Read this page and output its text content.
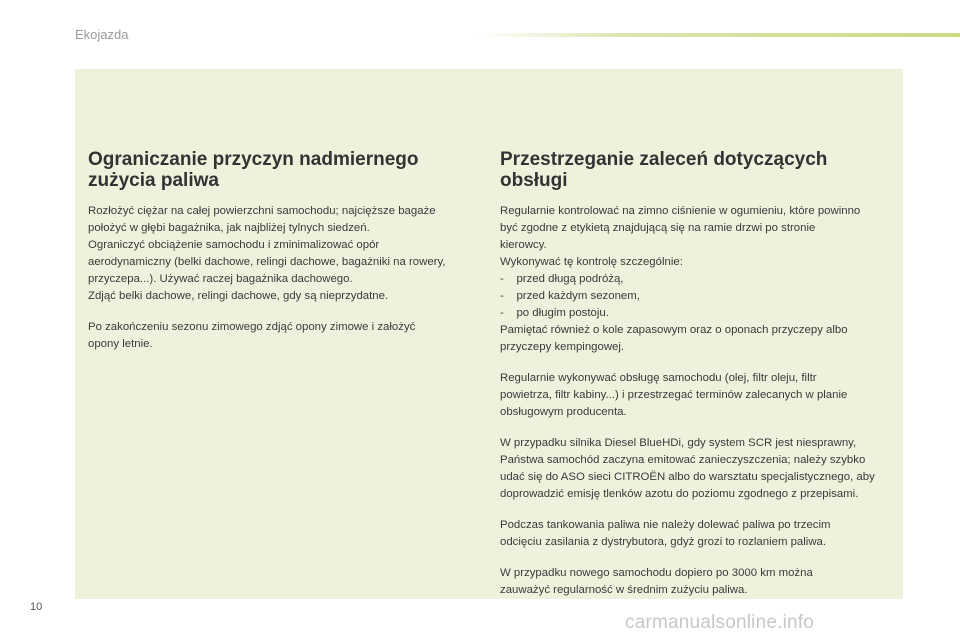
Ekojazda
Ograniczanie przyczyn nadmiernego
zużycia paliwa

Rozłożyć ciężar na całej powierzchni samochodu; najcięższe bagaże
położyć w głębi bagażnika, jak najbliżej tylnych siedzeń.
Ograniczyć obciążenie samochodu i zminimalizować opór
aerodynamiczny (belki dachowe, relingi dachowe, bagażniki na rowery,
przyczepa...). Używać raczej bagażnika dachowego.
Zdjąć belki dachowe, relingi dachowe, gdy są nieprzydatne.

Po zakończeniu sezonu zimowego zdjąć opony zimowe i założyć
opony letnie.

Przestrzeganie zaleceń dotyczących
obsługi

Regularnie kontrolować na zimno ciśnienie w ogumieniu, które powinno
być zgodne z etykietą znajdującą się na ramie drzwi po stronie
kierowcy.
Wykonywać tę kontrolę szczególnie:
-    przed długą podróżą,
-    przed każdym sezonem,
-    po długim postoju.
Pamiętać również o kole zapasowym oraz o oponach przyczepy albo
przyczepy kempingowej.

Regularnie wykonywać obsługę samochodu (olej, filtr oleju, filtr
powietrza, filtr kabiny...) i przestrzegać terminów zalecanych w planie
obsługowym producenta.

W przypadku silnika Diesel BlueHDi, gdy system SCR jest niesprawny,
Państwa samochód zaczyna emitować zanieczyszczenia; należy szybko
udać się do ASO sieci CITROËN albo do warsztatu specjalistycznego, aby
doprowadzić emisję tlenków azotu do poziomu zgodnego z przepisami.

Podczas tankowania paliwa nie należy dolewać paliwa po trzecim
odcięciu zasilania z dystrybutora, gdyż grozi to rozlaniem paliwa.

W przypadku nowego samochodu dopiero po 3000 km można
zauważyć regularność w średnim zużyciu paliwa.

10
carmanualsonline.info
